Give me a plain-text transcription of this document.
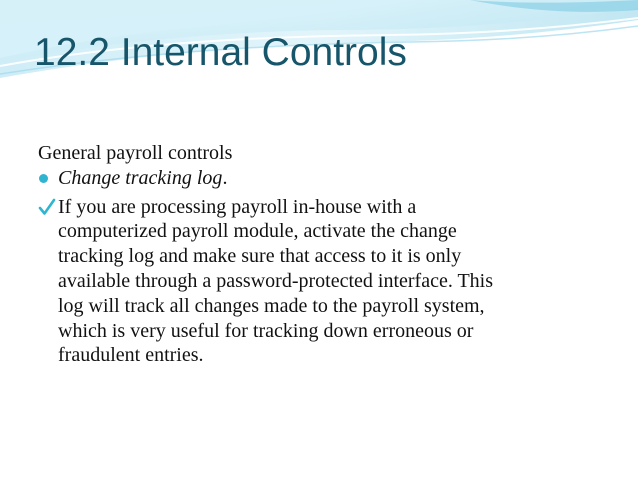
12.2 Internal Controls
General payroll controls
Change tracking log.
If you are processing payroll in-house with a
computerized payroll module, activate the change
tracking log and make sure that access to it is only
available through a password-protected interface. This
log will track all changes made to the payroll system,
which is very useful for tracking down erroneous or
fraudulent entries.
